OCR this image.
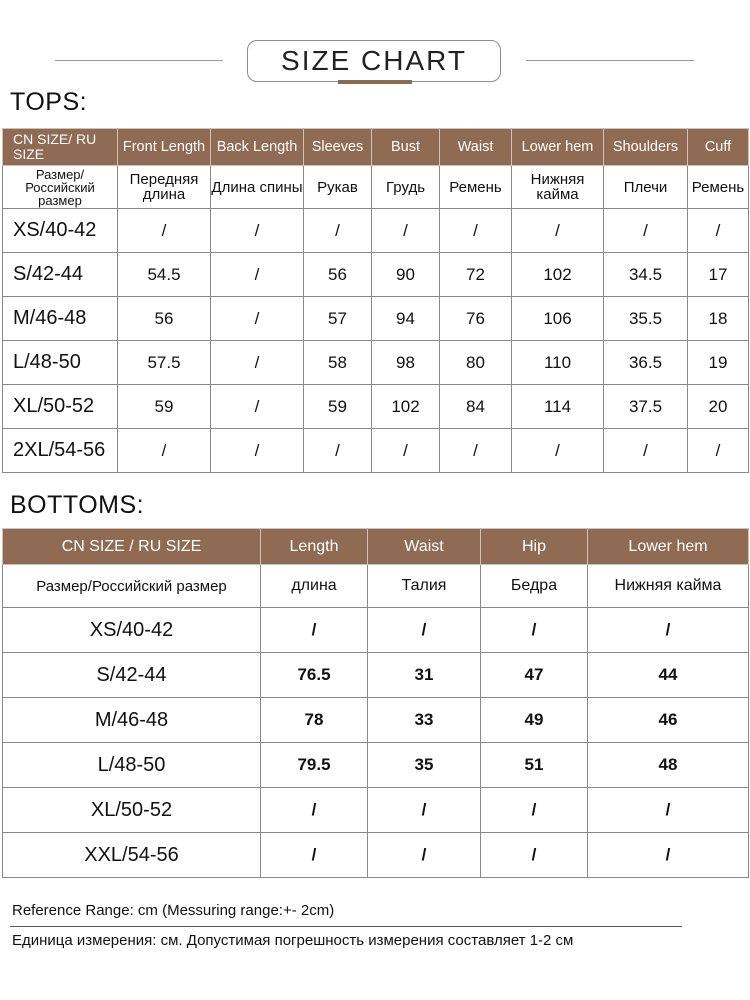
SIZE CHART
TOPS:
CN SIZE/ RU SIZE	Front Length	Back Length	Sleeves	Bust	Waist	Lower hem	Shoulders	Cuff
Размер/ Российский размер	Передняя длина	Длина спины	Рукав	Грудь	Ремень	Нижняя кайма	Плечи	Ремень
XS/40-42	/	/	/	/	/	/	/	/
S/42-44	54.5	/	56	90	72	102	34.5	17
M/46-48	56	/	57	94	76	106	35.5	18
L/48-50	57.5	/	58	98	80	110	36.5	19
XL/50-52	59	/	59	102	84	114	37.5	20
2XL/54-56	/	/	/	/	/	/	/	/
BOTTOMS:
CN SIZE / RU SIZE	Length	Waist	Hip	Lower hem
Размер/Российский размер	длина	Талия	Бедра	Нижняя кайма
XS/40-42	/	/	/	/
S/42-44	76.5	31	47	44
M/46-48	78	33	49	46
L/48-50	79.5	35	51	48
XL/50-52	/	/	/	/
XXL/54-56	/	/	/	/
Reference Range: cm (Messuring range:+- 2cm)
Единица измерения: см. Допустимая погрешность измерения составляет 1-2 см
